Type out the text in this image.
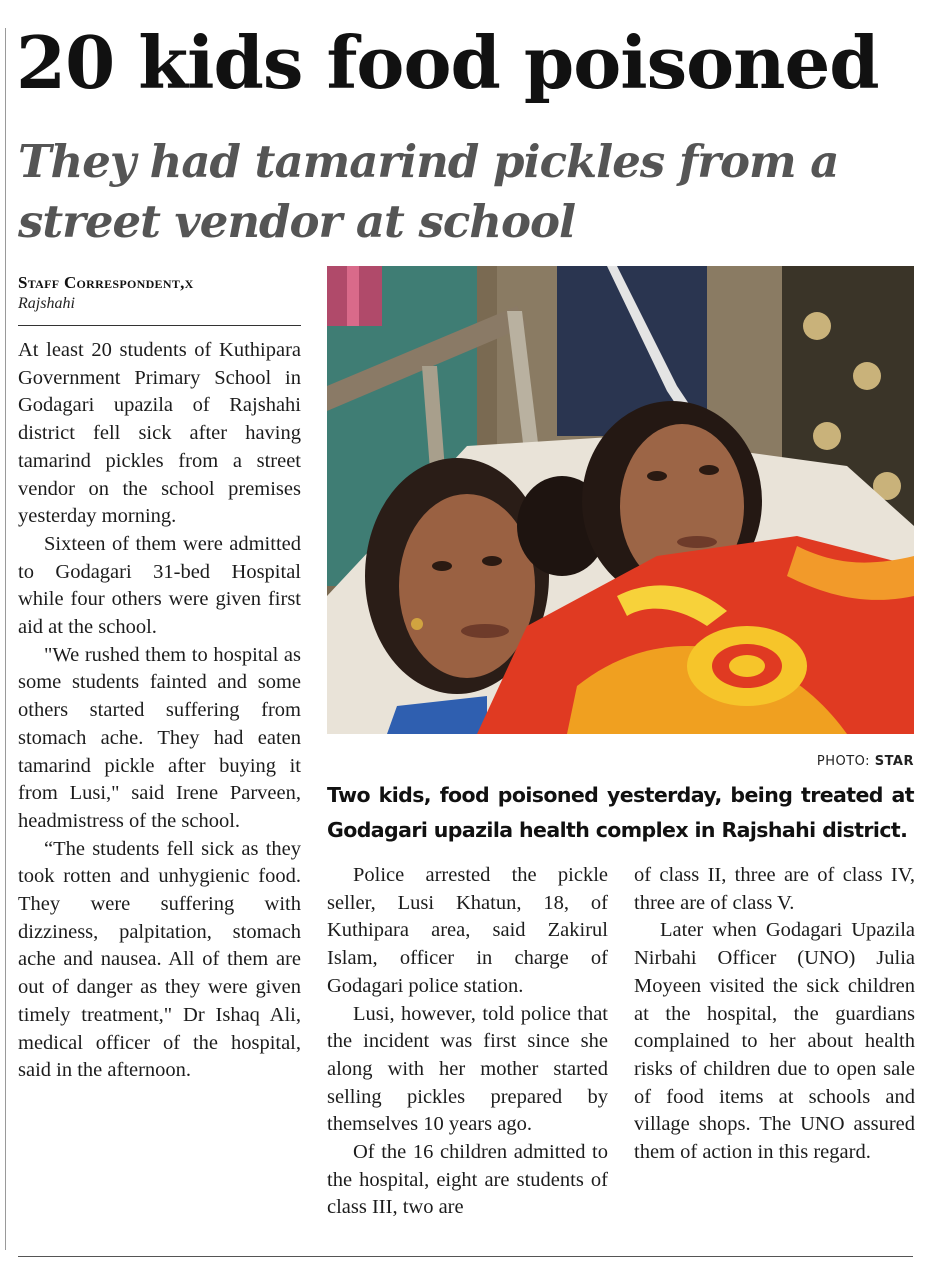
20 kids food poisoned
They had tamarind pickles from a street vendor at school
Staff Correspondent,x
Rajshahi

At least 20 students of Kuthipara Government Primary School in Godagari upazila of Rajshahi district fell sick after having tamarind pickles from a street vendor on the school premises yesterday morning.

Sixteen of them were admitted to Godagari 31-bed Hospital while four others were given first aid at the school.

"We rushed them to hospital as some students fainted and some others started suffering from stomach ache. They had eaten tamarind pickle after buying it from Lusi," said Irene Parveen, headmistress of the school.

“The students fell sick as they took rotten and unhygienic food. They were suffering with dizziness, palpitation, stomach ache and nausea. All of them are out of danger as they were given timely treatment," Dr Ishaq Ali, medical officer of the hospital, said in the afternoon.

PHOTO: STAR
Two kids, food poisoned yesterday, being treated at Godagari upazila health complex in Rajshahi district.

Police arrested the pickle seller, Lusi Khatun, 18, of Kuthipara area, said Zakirul Islam, officer in charge of Godagari police station.

Lusi, however, told police that the incident was first since she along with her mother started selling pickles prepared by themselves 10 years ago.

Of the 16 children admitted to the hospital, eight are students of class III, two are

of class II, three are of class IV, three are of class V.

Later when Godagari Upazila Nirbahi Officer (UNO) Julia Moyeen visited the sick children at the hospital, the guardians complained to her about health risks of children due to open sale of food items at schools and village shops. The UNO assured them of action in this regard.
